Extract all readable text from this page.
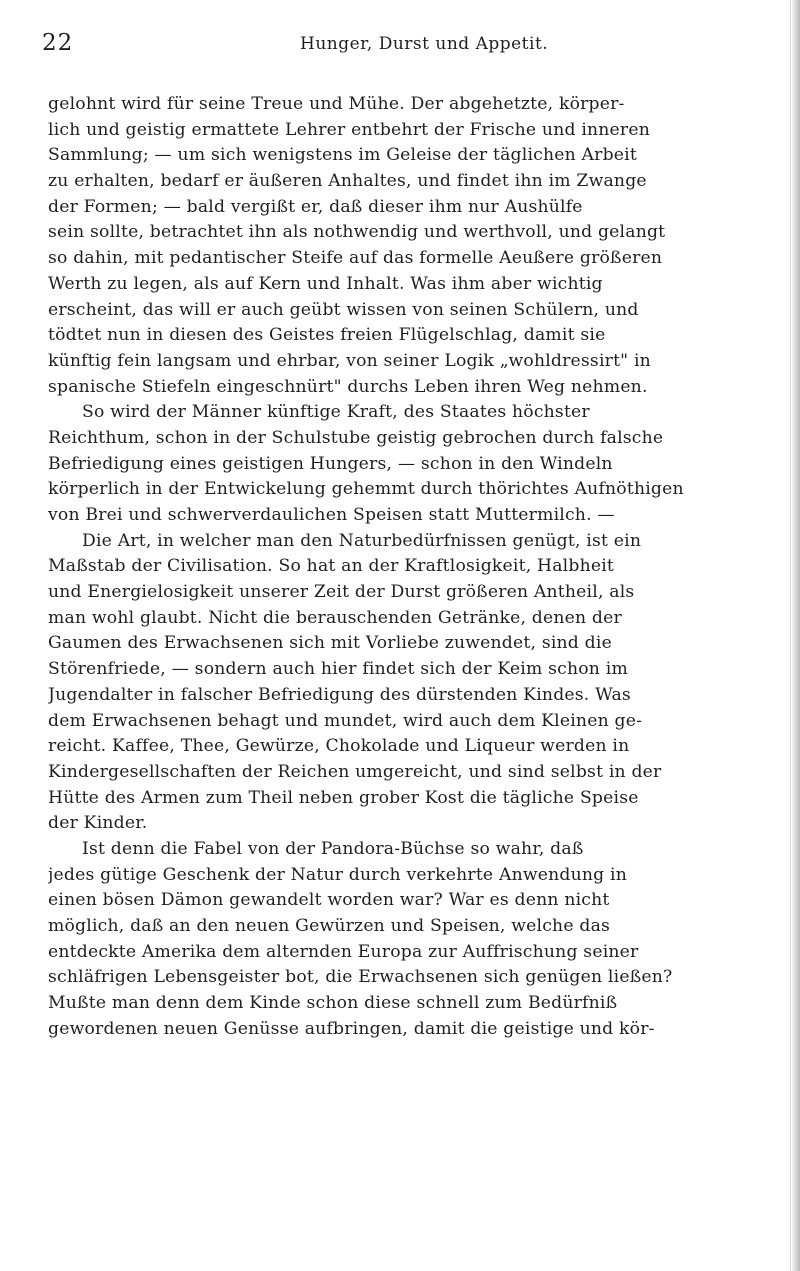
22	Hunger, Durst und Appetit.
gelohnt wird für seine Treue und Mühe. Der abgehetzte, körper-
lich und geistig ermattete Lehrer entbehrt der Frische und inneren
Sammlung; — um sich wenigstens im Geleise der täglichen Arbeit
zu erhalten, bedarf er äußeren Anhaltes, und findet ihn im Zwange
der Formen; — bald vergißt er, daß dieser ihm nur Aushülfe
sein sollte, betrachtet ihn als nothwendig und werthvoll, und gelangt
so dahin, mit pedantischer Steife auf das formelle Aeußere größeren
Werth zu legen, als auf Kern und Inhalt. Was ihm aber wichtig
erscheint, das will er auch geübt wissen von seinen Schülern, und
tödtet nun in diesen des Geistes freien Flügelschlag, damit sie
künftig fein langsam und ehrbar, von seiner Logik „wohldressirt" in
spanische Stiefeln eingeschnürt" durchs Leben ihren Weg nehmen.
So wird der Männer künftige Kraft, des Staates höchster
Reichthum, schon in der Schulstube geistig gebrochen durch falsche
Befriedigung eines geistigen Hungers, — schon in den Windeln
körperlich in der Entwickelung gehemmt durch thörichtes Aufnöthigen
von Brei und schwerverdaulichen Speisen statt Muttermilch. —
Die Art, in welcher man den Naturbedürfnissen genügt, ist ein
Maßstab der Civilisation. So hat an der Kraftlosigkeit, Halbheit
und Energielosigkeit unserer Zeit der Durst größeren Antheil, als
man wohl glaubt. Nicht die berauschenden Getränke, denen der
Gaumen des Erwachsenen sich mit Vorliebe zuwendet, sind die
Störenfriede, — sondern auch hier findet sich der Keim schon im
Jugendalter in falscher Befriedigung des dürstenden Kindes. Was
dem Erwachsenen behagt und mundet, wird auch dem Kleinen ge-
reicht. Kaffee, Thee, Gewürze, Chokolade und Liqueur werden in
Kindergesellschaften der Reichen umgereicht, und sind selbst in der
Hütte des Armen zum Theil neben grober Kost die tägliche Speise
der Kinder.
Ist denn die Fabel von der Pandora-Büchse so wahr, daß
jedes gütige Geschenk der Natur durch verkehrte Anwendung in
einen bösen Dämon gewandelt worden war? War es denn nicht
möglich, daß an den neuen Gewürzen und Speisen, welche das
entdeckte Amerika dem alternden Europa zur Auffrischung seiner
schläfrigen Lebensgeister bot, die Erwachsenen sich genügen ließen?
Mußte man denn dem Kinde schon diese schnell zum Bedürfniß
gewordenen neuen Genüsse aufbringen, damit die geistige und kör-
